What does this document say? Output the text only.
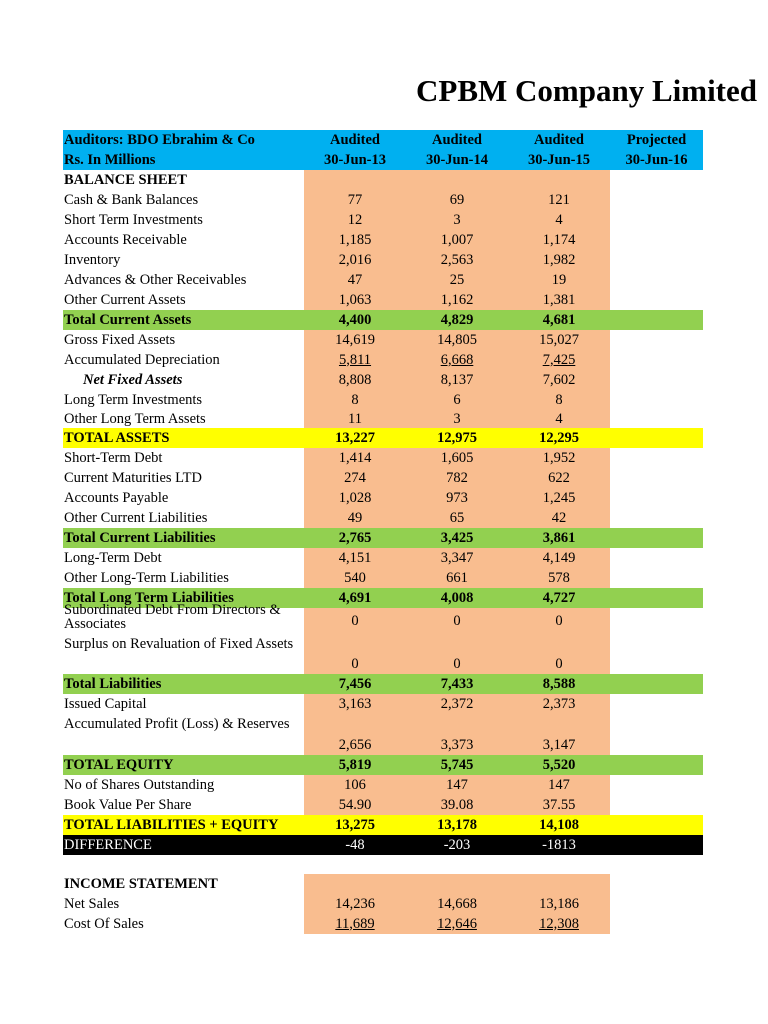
CPBM Company Limited
Auditors: BDO Ebrahim & Co	Audited	Audited	Audited	Projected
Rs. In Millions	30-Jun-13	30-Jun-14	30-Jun-15	30-Jun-16
BALANCE SHEET
Cash & Bank Balances	77	69	121
Short Term Investments	12	3	4
Accounts Receivable	1,185	1,007	1,174
Inventory	2,016	2,563	1,982
Advances & Other Receivables	47	25	19
Other Current Assets	1,063	1,162	1,381
Total Current Assets	4,400	4,829	4,681
Gross Fixed Assets	14,619	14,805	15,027
Accumulated Depreciation	5,811	6,668	7,425
Net Fixed Assets	8,808	8,137	7,602
Long Term Investments	8	6	8
Other Long Term Assets	11	3	4
TOTAL ASSETS	13,227	12,975	12,295
Short-Term Debt	1,414	1,605	1,952
Current Maturities LTD	274	782	622
Accounts Payable	1,028	973	1,245
Other Current Liabilities	49	65	42
Total Current Liabilities	2,765	3,425	3,861
Long-Term Debt	4,151	3,347	4,149
Other Long-Term Liabilities	540	661	578
Total Long Term Liabilities	4,691	4,008	4,727
Subordinated Debt From Directors &
Associates	0	0	0
Surplus on Revaluation of Fixed Assets
0	0	0
Total Liabilities	7,456	7,433	8,588
Issued Capital	3,163	2,372	2,373
Accumulated Profit (Loss) & Reserves
2,656	3,373	3,147
TOTAL EQUITY	5,819	5,745	5,520
No of Shares Outstanding	106	147	147
Book Value Per Share	54.90	39.08	37.55
TOTAL LIABILITIES + EQUITY	13,275	13,178	14,108
DIFFERENCE	-48	-203	-1813
INCOME STATEMENT
Net Sales	14,236	14,668	13,186
Cost Of Sales	11,689	12,646	12,308
